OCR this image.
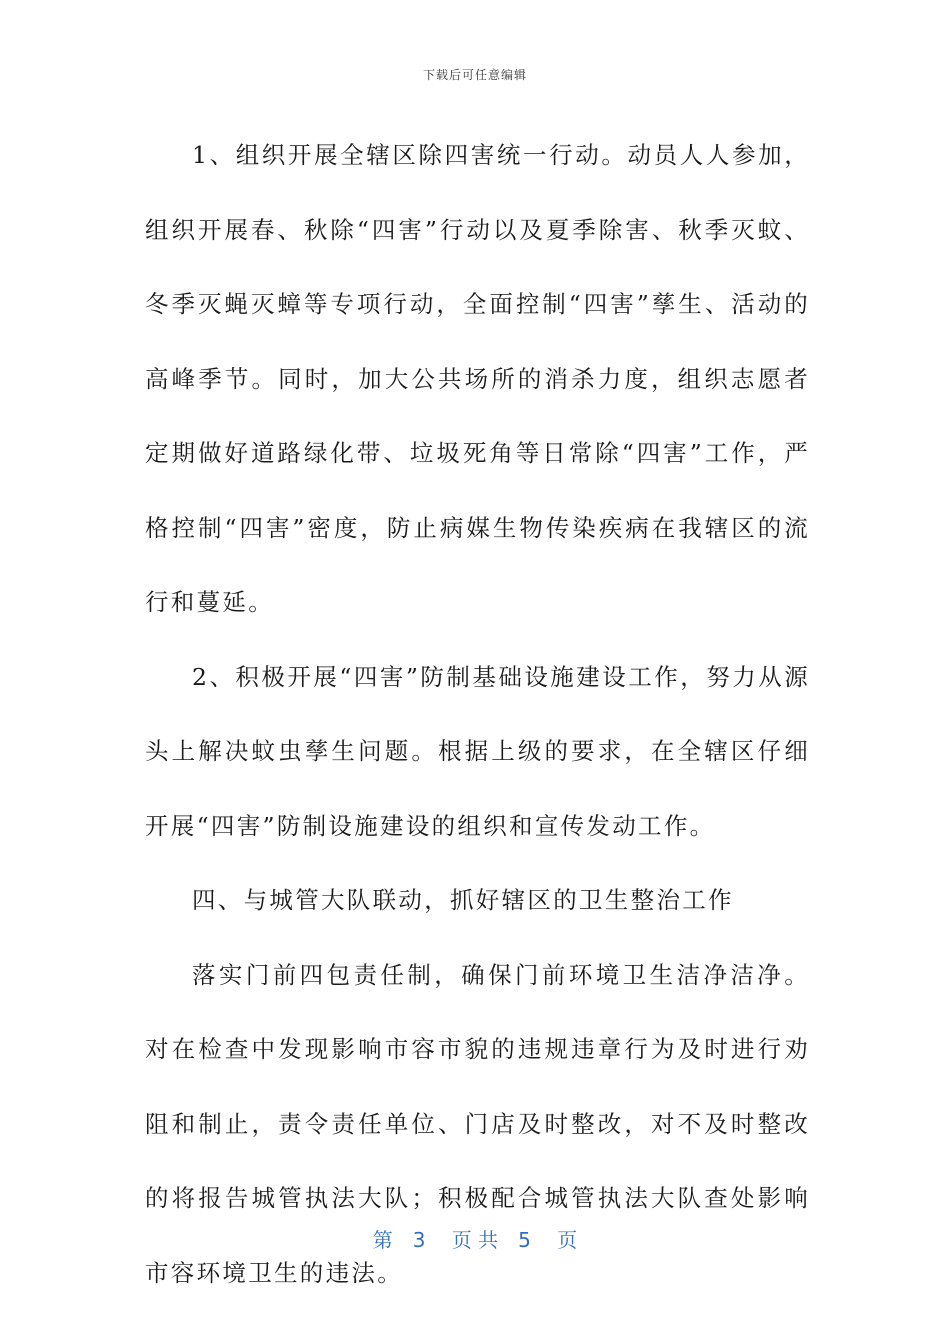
下载后可任意编辑

1、组织开展全辖区除四害统一行动。动员人人参加，组织开展春、秋除“四害”行动以及夏季除害、秋季灭蚊、冬季灭蝇灭蟑等专项行动，全面控制“四害”孳生、活动的高峰季节。同时，加大公共场所的消杀力度，组织志愿者定期做好道路绿化带、垃圾死角等日常除“四害”工作，严格控制“四害”密度，防止病媒生物传染疾病在我辖区的流行和蔓延。

2、积极开展“四害”防制基础设施建设工作，努力从源头上解决蚊虫孳生问题。根据上级的要求，在全辖区仔细开展“四害”防制设施建设的组织和宣传发动工作。

四、与城管大队联动，抓好辖区的卫生整治工作

落实门前四包责任制，确保门前环境卫生洁净洁净。对在检查中发现影响市容市貌的违规违章行为及时进行劝阻和制止，责令责任单位、门店及时整改，对不及时整改的将报告城管执法大队；积极配合城管执法大队查处影响市容环境卫生的违法。

第　3　 页 共　5　 页
